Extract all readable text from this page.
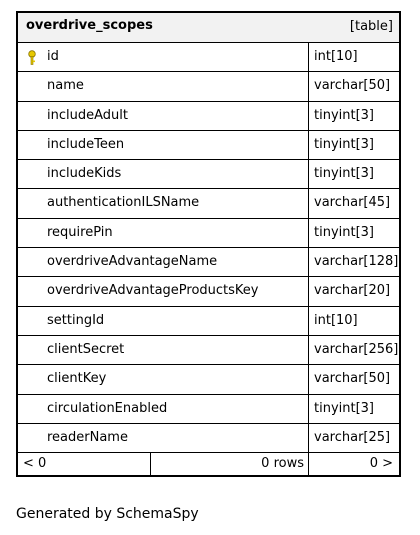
overdrive_scopes	[table]
id	int[10]
name	varchar[50]
includeAdult	tinyint[3]
includeTeen	tinyint[3]
includeKids	tinyint[3]
authenticationILSName	varchar[45]
requirePin	tinyint[3]
overdriveAdvantageName	varchar[128]
overdriveAdvantageProductsKey	varchar[20]
settingId	int[10]
clientSecret	varchar[256]
clientKey	varchar[50]
circulationEnabled	tinyint[3]
readerName	varchar[25]
< 0	0 rows	0 >
Generated by SchemaSpy
